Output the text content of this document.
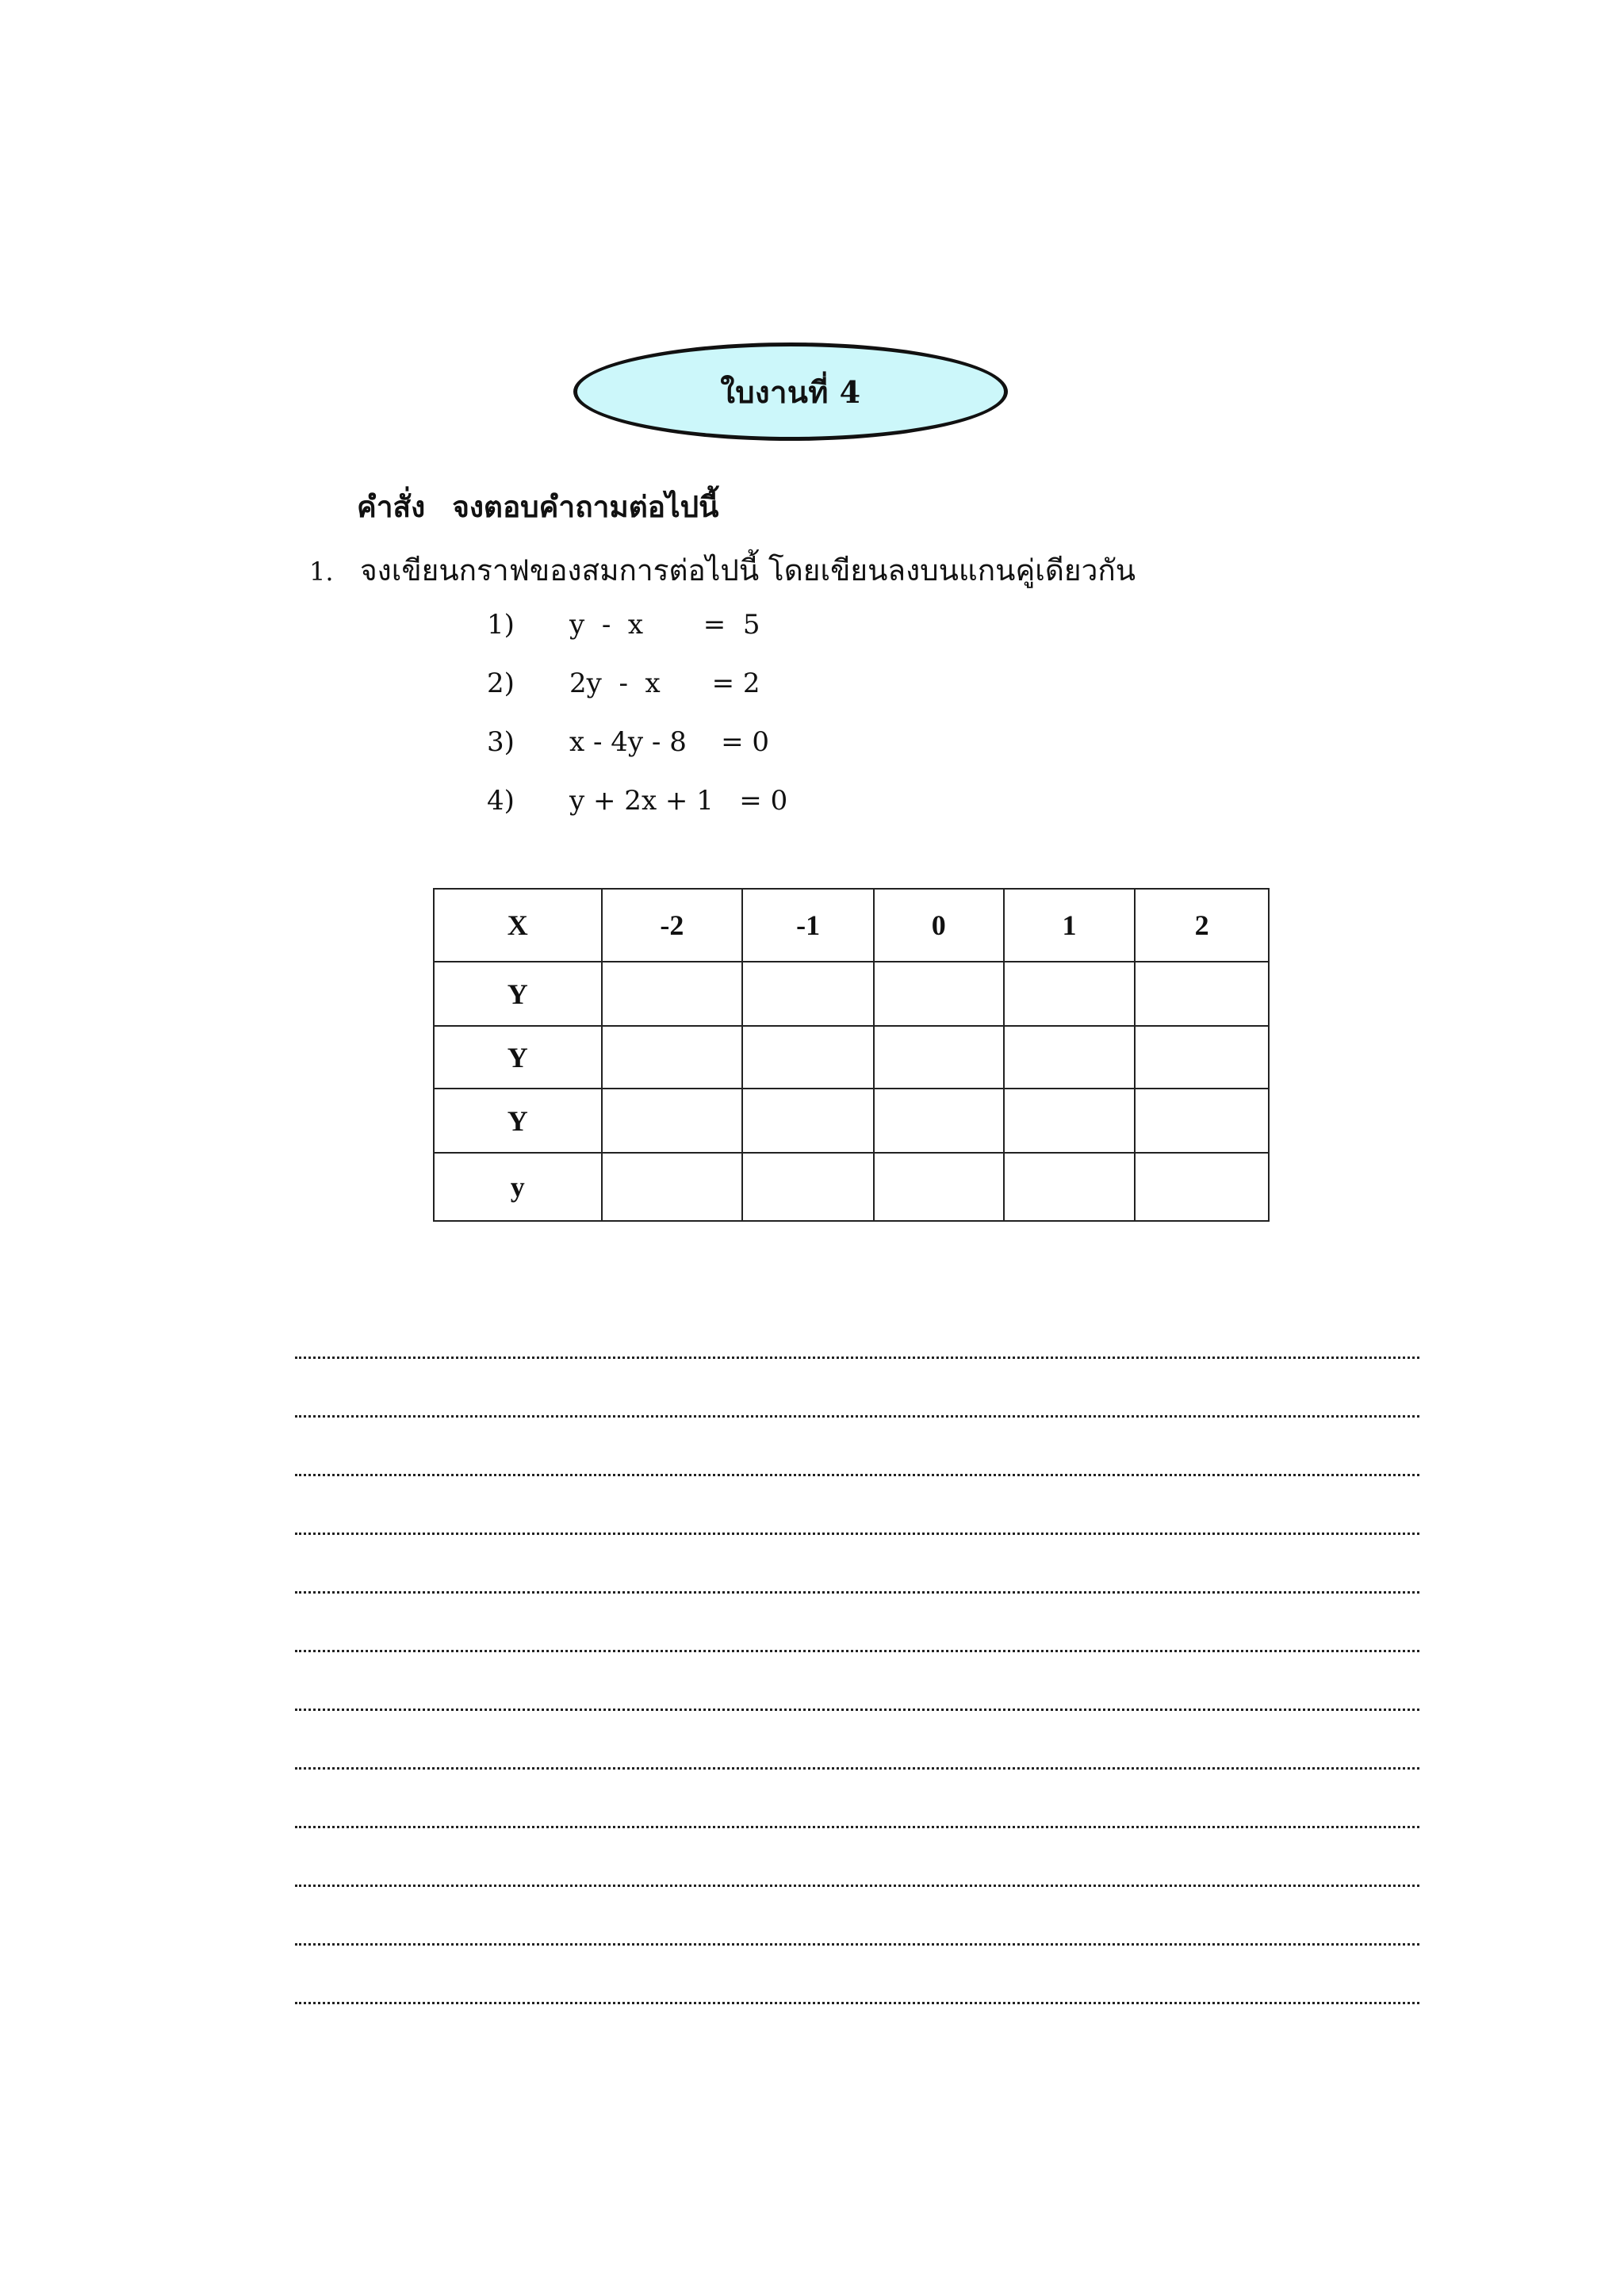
ใบงานที่ 4
คำสั่ง จงตอบคำถามต่อไปนี้
1. จงเขียนกราฟของสมการต่อไปนี้ โดยเขียนลงบนแกนคู่เดียวกัน
1)	y  -  x       =  5
2)	2y  -  x      = 2
3)	x - 4y - 8    = 0
4)	y + 2x + 1   = 0
X	-2	-1	0	1	2
Y					
Y					
Y					
y					
